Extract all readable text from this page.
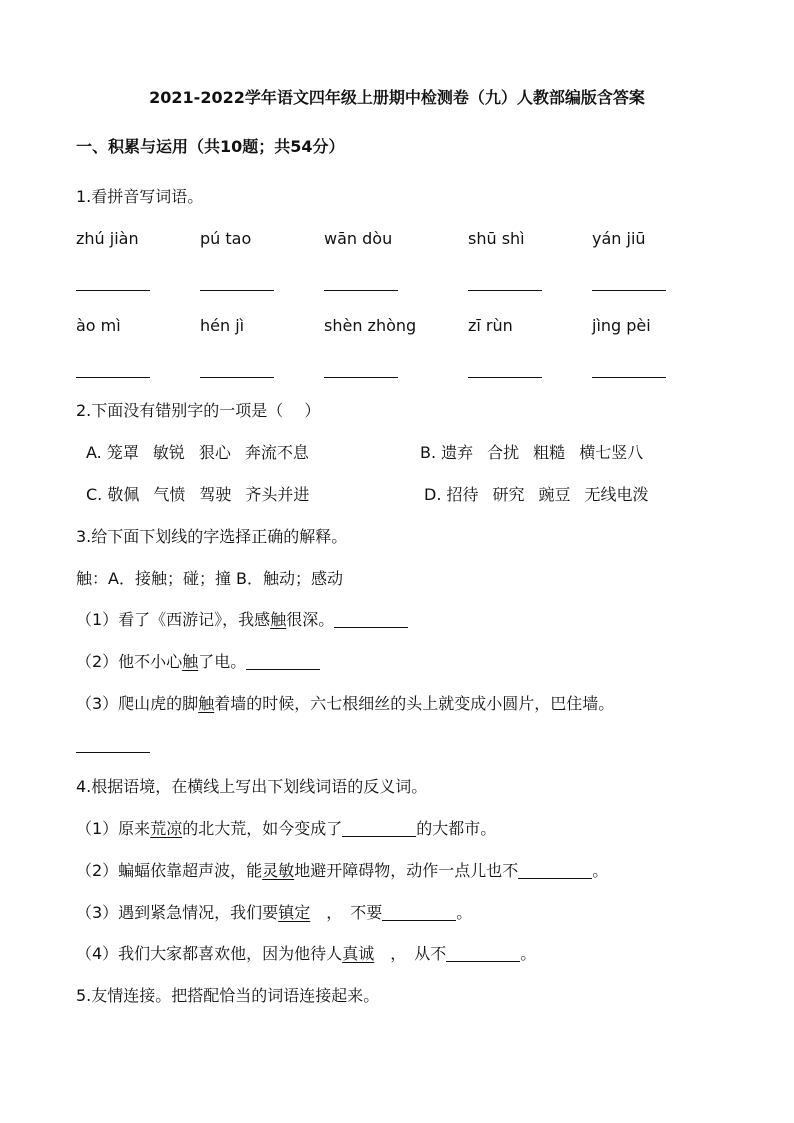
2021-2022学年语文四年级上册期中检测卷（九）人教部编版含答案
一、积累与运用（共10题；共54分）
1.看拼音写词语。
zhú jiàn	pú tao	wān dòu	shū shì	yán jiū
ào mì	hén jì	shèn zhòng	zī rùn	jìng pèi
2.下面没有错别字的一项是（　 ）
A. 笼罩 敏锐 狠心 奔流不息	B. 遗弃 合扰 粗糙 横七竖八
C. 敬佩 气愤 驾驶 齐头并进	D. 招待 研究 豌豆 无线电泼
3.给下面下划线的字选择正确的解释。
触：A．接触；碰；撞 B．触动；感动
（1）看了《西游记》，我感触很深。
（2）他不小心触了电。
（3）爬山虎的脚触着墙的时候，六七根细丝的头上就变成小圆片，巴住墙。
4.根据语境，在横线上写出下划线词语的反义词。
（1）原来荒凉的北大荒，如今变成了	的大都市。
（2）蝙蝠依靠超声波，能灵敏地避开障碍物，动作一点儿也不	。
（3）遇到紧急情况，我们要镇定　，　不要	。
（4）我们大家都喜欢他，因为他待人真诚　，　从不	。
5.友情连接。把搭配恰当的词语连接起来。
